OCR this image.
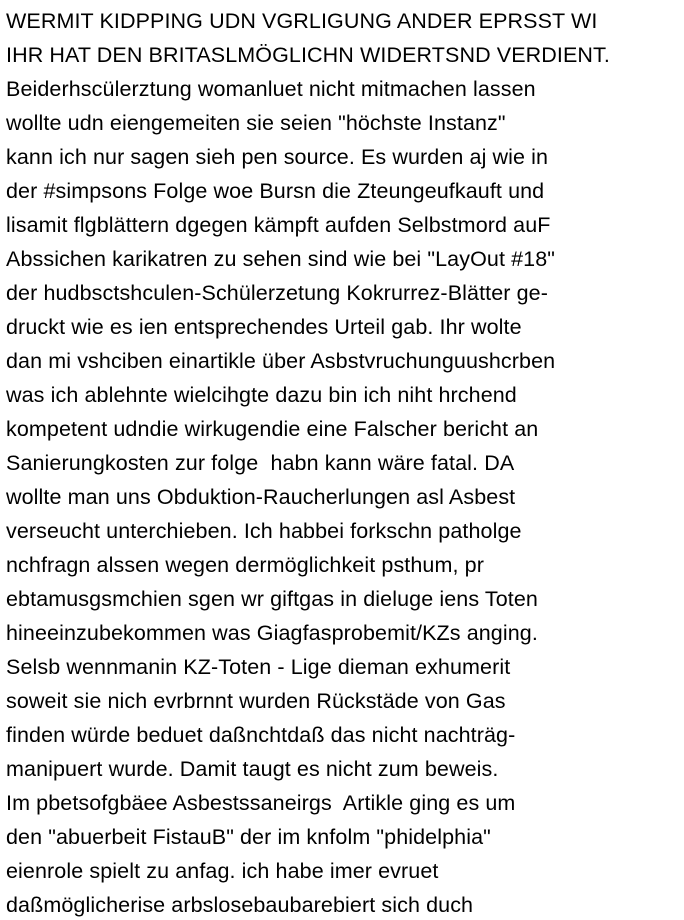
WERMIT KIDPPING UDN VGRLIGUNG ANDER EPRSST WI
IHR HAT DEN BRITASLMÖGLICHN WIDERTSND VERDIENT.
Beiderhscülerztung womanluet nicht mitmachen lassen
wollte udn eiengemeiten sie seien "höchste Instanz"
kann ich nur sagen sieh pen source. Es wurden aj wie in
der #simpsons Folge woe Bursn die Zteungeufkauft und
lisamit flgblättern dgegen kämpft aufden Selbstmord auF
Abssichen karikatren zu sehen sind wie bei "LayOut #18"
der hudbsctshculen-Schülerzetung Kokrurrez-Blätter ge-
druckt wie es ien entsprechendes Urteil gab. Ihr wolte
dan mi vshciben einartikle über Asbstvruchunguushcrben
was ich ablehnte wielcihgte dazu bin ich niht hrchend
kompetent udndie wirkugendie eine Falscher bericht an
Sanierungkosten zur folge  habn kann wäre fatal. DA
wollte man uns Obduktion-Raucherlungen asl Asbest
verseucht unterchieben. Ich habbei forkschn patholge
nchfragn alssen wegen dermöglichkeit psthum, pr
ebtamusgsmchien sgen wr giftgas in dieluge iens Toten
hineeinzubekommen was Giagfasprobemit/KZs anging.
Selsb wennmanin KZ-Toten - Lige dieman exhumerit
soweit sie nich evrbrnnt wurden Rückstäde von Gas
finden würde beduet daßnchtdaß das nicht nachträg-
manipuert wurde. Damit taugt es nicht zum beweis.
Im pbetsofgbäee Asbestssaneirgs  Artikle ging es um
den "abuerbeit FistauB" der im knfolm "phidelphia"
eienrole spielt zu anfag. ich habe imer evruet
daßmöglicherise arbslosebaubarebiert sich duch
